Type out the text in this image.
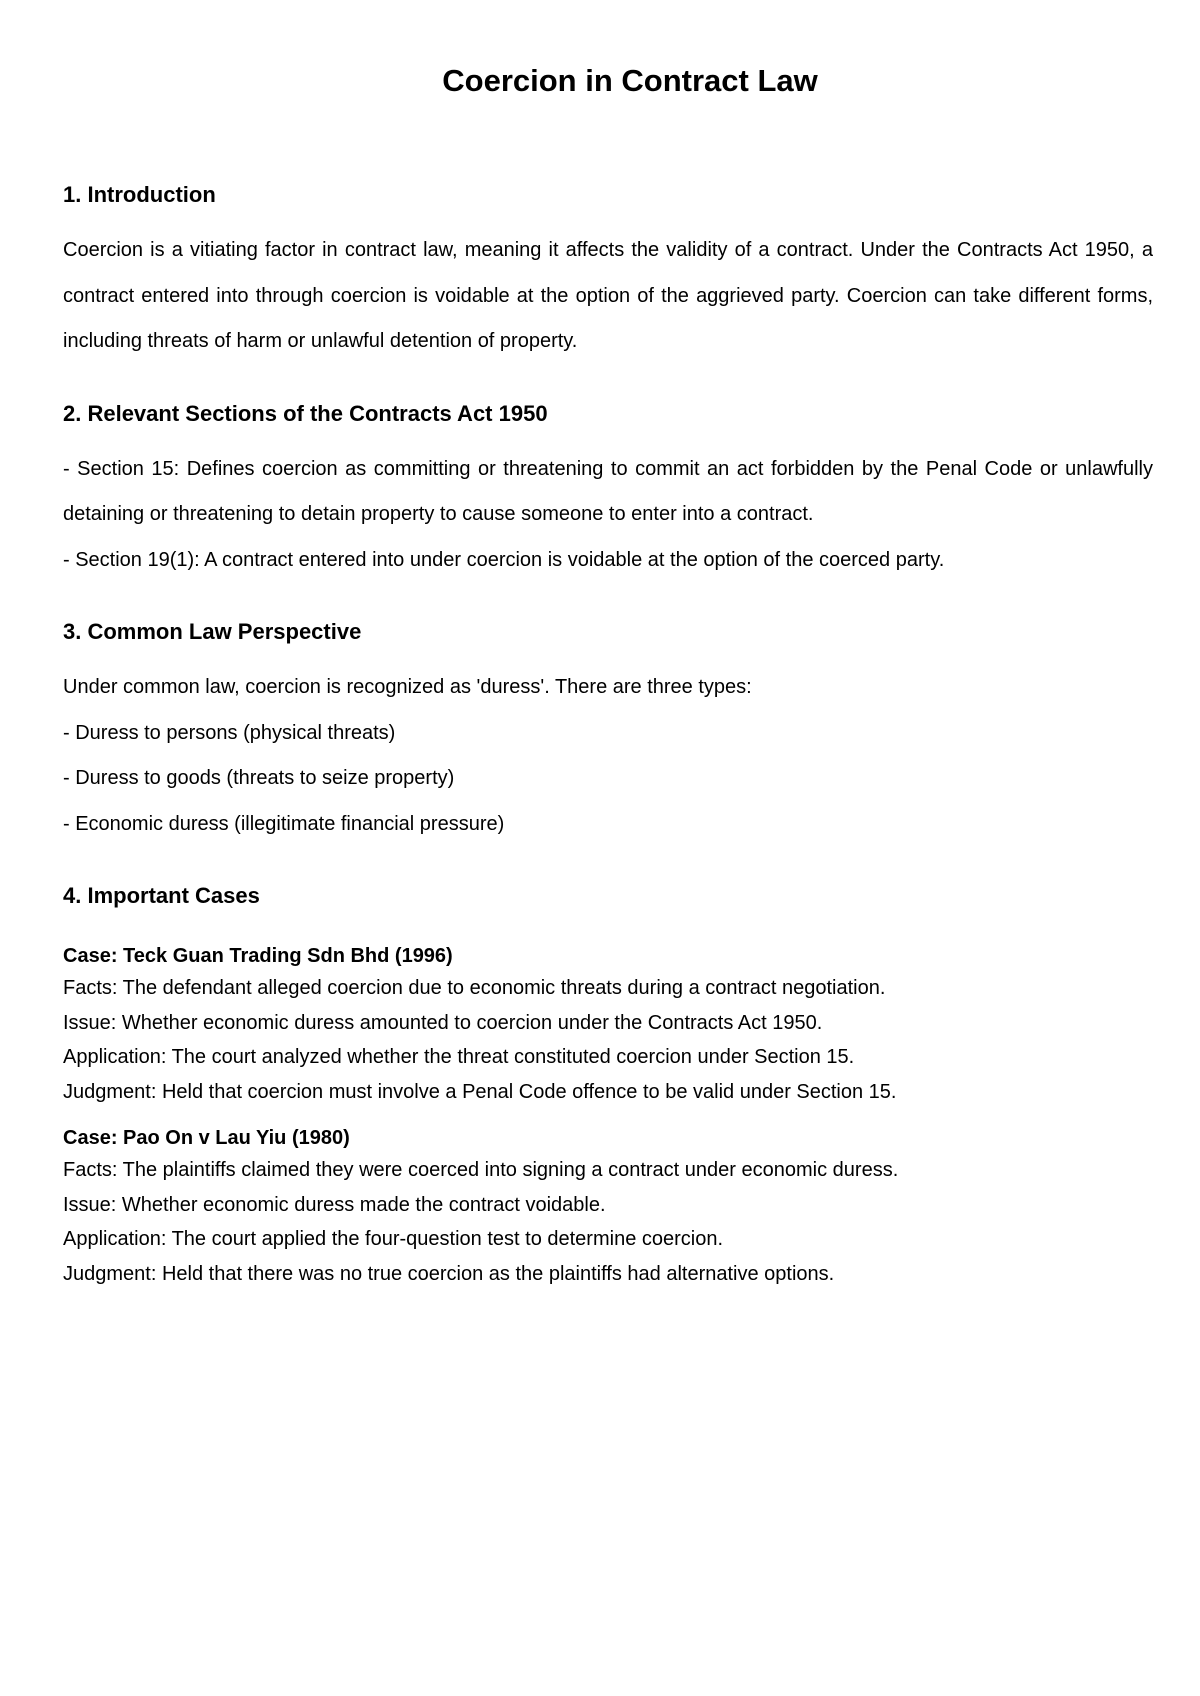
Coercion in Contract Law
1. Introduction

Coercion is a vitiating factor in contract law, meaning it affects the validity of a contract. Under the Contracts Act 1950, a contract entered into through coercion is voidable at the option of the aggrieved party. Coercion can take different forms, including threats of harm or unlawful detention of property.

2. Relevant Sections of the Contracts Act 1950
- Section 15: Defines coercion as committing or threatening to commit an act forbidden by the Penal Code or unlawfully detaining or threatening to detain property to cause someone to enter into a contract.
- Section 19(1): A contract entered into under coercion is voidable at the option of the coerced party.
3. Common Law Perspective

Under common law, coercion is recognized as 'duress'. There are three types:

- Duress to persons (physical threats)
- Duress to goods (threats to seize property)
- Economic duress (illegitimate financial pressure)
4. Important Cases
Case: Teck Guan Trading Sdn Bhd (1996)

Facts: The defendant alleged coercion due to economic threats during a contract negotiation.

Issue: Whether economic duress amounted to coercion under the Contracts Act 1950.

Application: The court analyzed whether the threat constituted coercion under Section 15.

Judgment: Held that coercion must involve a Penal Code offence to be valid under Section 15.

Case: Pao On v Lau Yiu (1980)

Facts: The plaintiffs claimed they were coerced into signing a contract under economic duress.

Issue: Whether economic duress made the contract voidable.

Application: The court applied the four-question test to determine coercion.

Judgment: Held that there was no true coercion as the plaintiffs had alternative options.
